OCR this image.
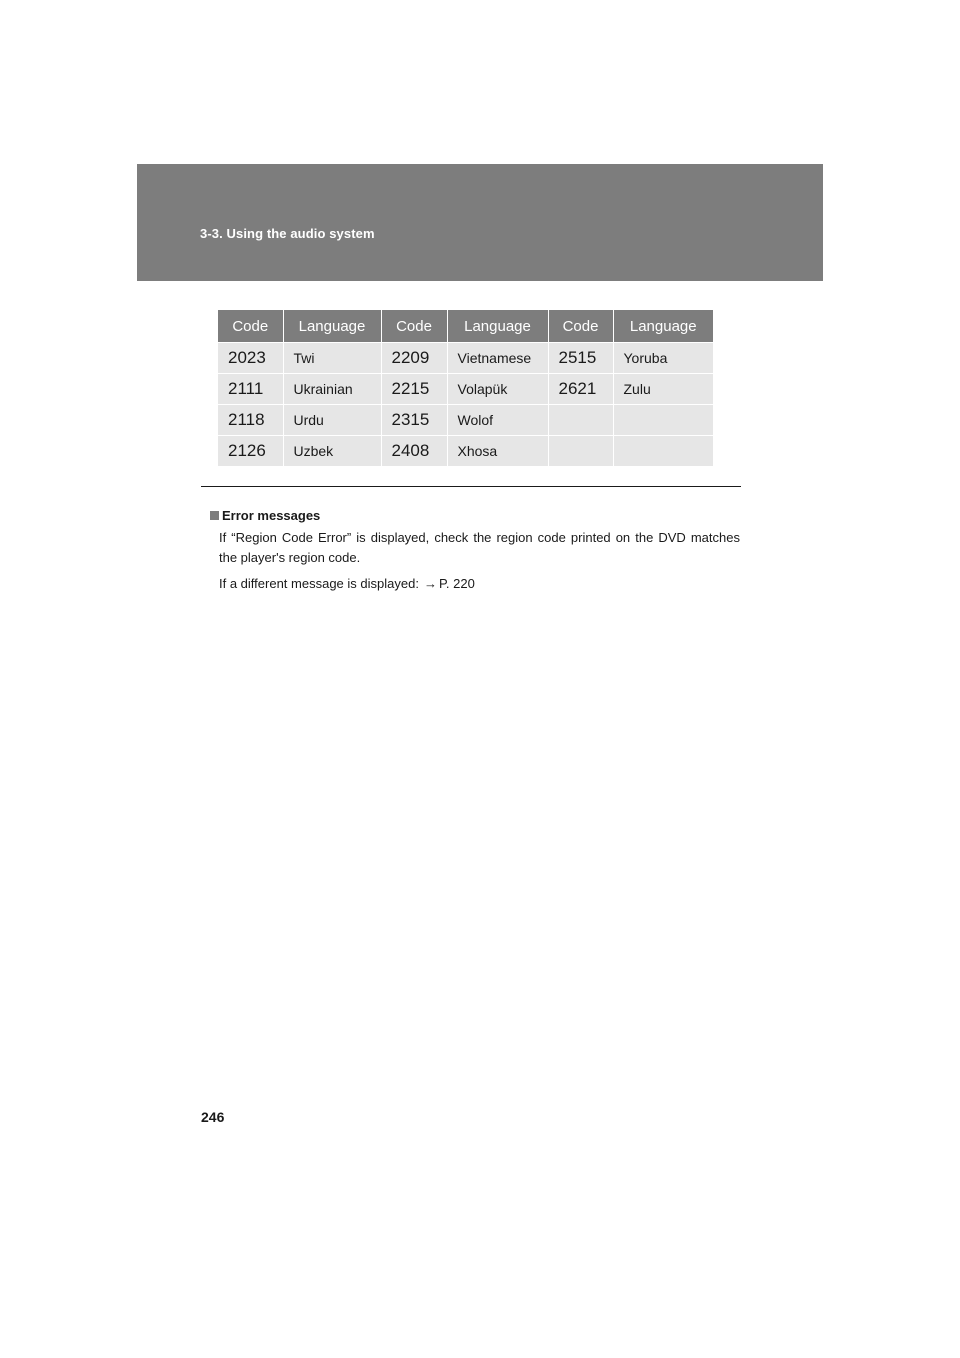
3-3. Using the audio system
Code	Language	Code	Language	Code	Language
2023	Twi	2209	Vietnamese	2515	Yoruba
2111	Ukrainian	2215	Volapük	2621	Zulu
2118	Urdu	2315	Wolof		
2126	Uzbek	2408	Xhosa		
Error messages

If “Region Code Error” is displayed, check the region code printed on the DVD matches the player's region code.

If a different message is displayed: → P. 220

246
